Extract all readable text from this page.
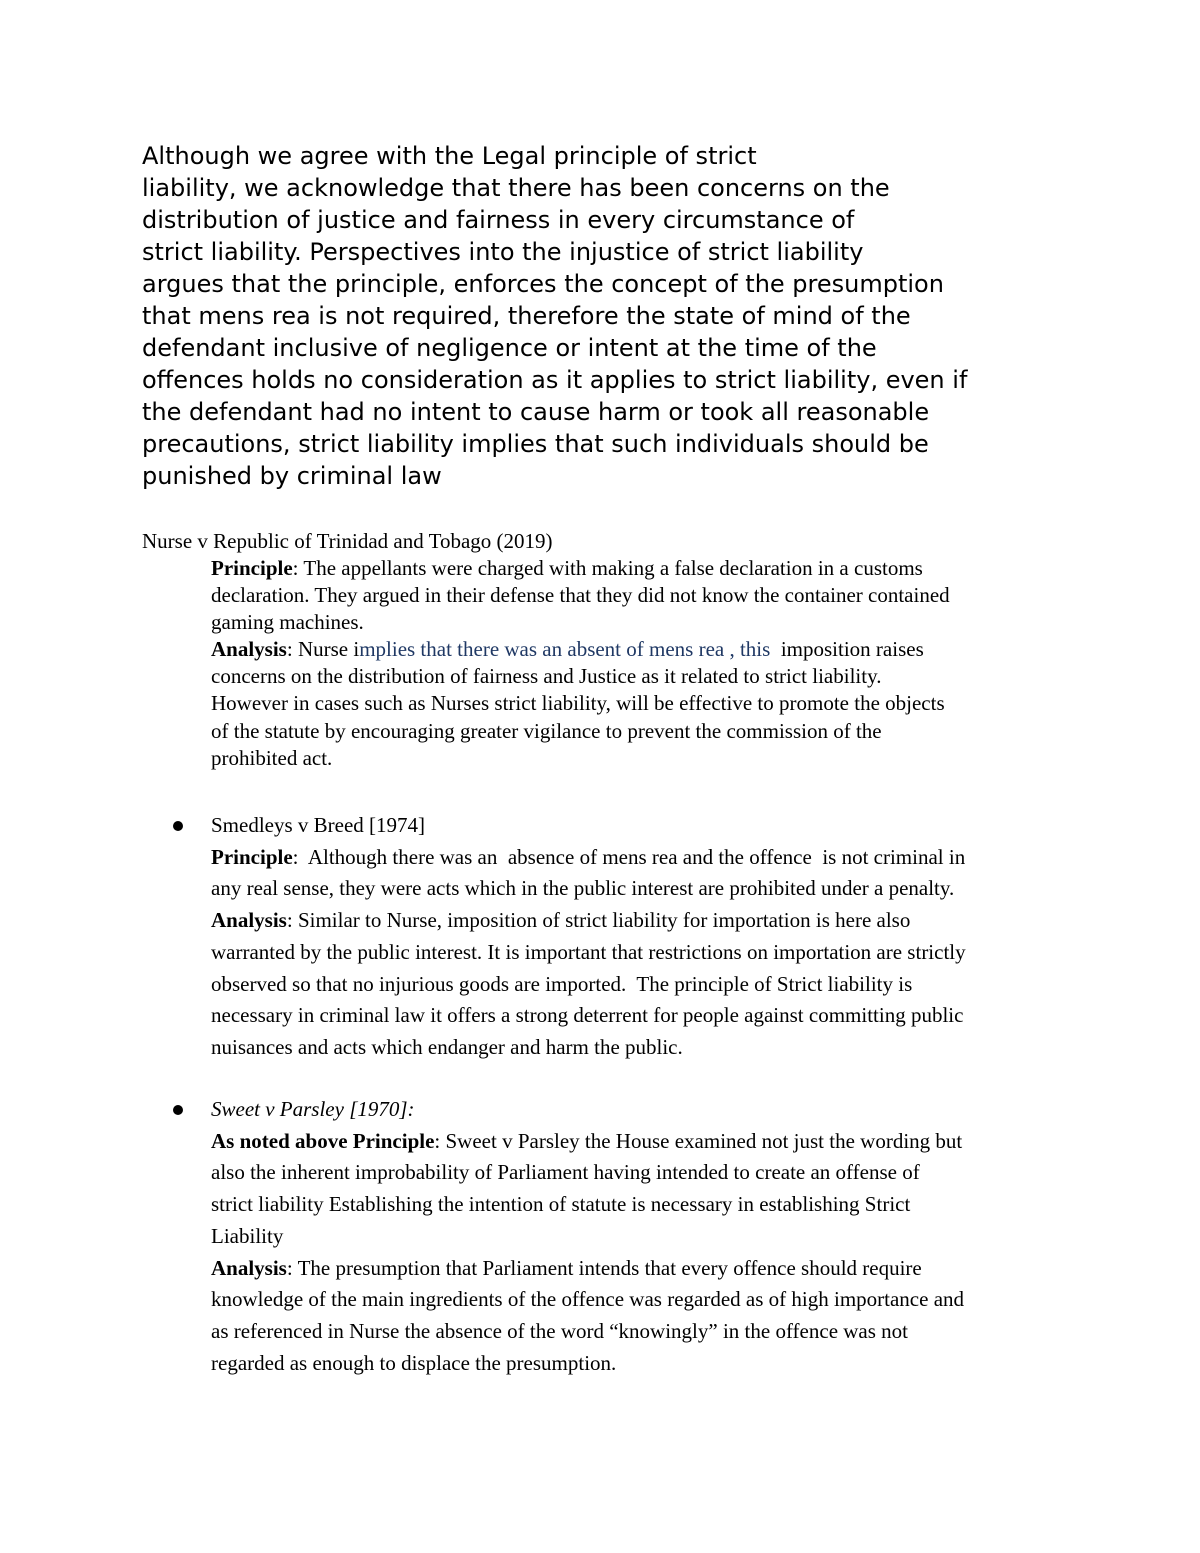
Although we agree with the Legal principle of strict
liability, we acknowledge that there has been concerns on the
distribution of justice and fairness in every circumstance of
strict liability. Perspectives into the injustice of strict liability
argues that the principle, enforces the concept of the presumption
that mens rea is not required, therefore the state of mind of the
defendant inclusive of negligence or intent at the time of the
offences holds no consideration as it applies to strict liability, even if
the defendant had no intent to cause harm or took all reasonable
precautions, strict liability implies that such individuals should be
punished by criminal law
Nurse v Republic of Trinidad and Tobago (2019)
Principle: The appellants were charged with making a false declaration in a customs
declaration. They argued in their defense that they did not know the container contained
gaming machines.
Analysis: Nurse implies that there was an absent of mens rea , this  imposition raises
concerns on the distribution of fairness and Justice as it related to strict liability.
However in cases such as Nurses strict liability, will be effective to promote the objects
of the statute by encouraging greater vigilance to prevent the commission of the
prohibited act.
Smedleys v Breed [1974]
Principle:  Although there was an  absence of mens rea and the offence  is not criminal in
any real sense, they were acts which in the public interest are prohibited under a penalty.
Analysis: Similar to Nurse, imposition of strict liability for importation is here also
warranted by the public interest. It is important that restrictions on importation are strictly
observed so that no injurious goods are imported.  The principle of Strict liability is
necessary in criminal law it offers a strong deterrent for people against committing public
nuisances and acts which endanger and harm the public.
Sweet v Parsley [1970]:
As noted above Principle: Sweet v Parsley the House examined not just the wording but
also the inherent improbability of Parliament having intended to create an offense of
strict liability Establishing the intention of statute is necessary in establishing Strict
Liability
Analysis: The presumption that Parliament intends that every offence should require
knowledge of the main ingredients of the offence was regarded as of high importance and
as referenced in Nurse the absence of the word “knowingly” in the offence was not
regarded as enough to displace the presumption.
